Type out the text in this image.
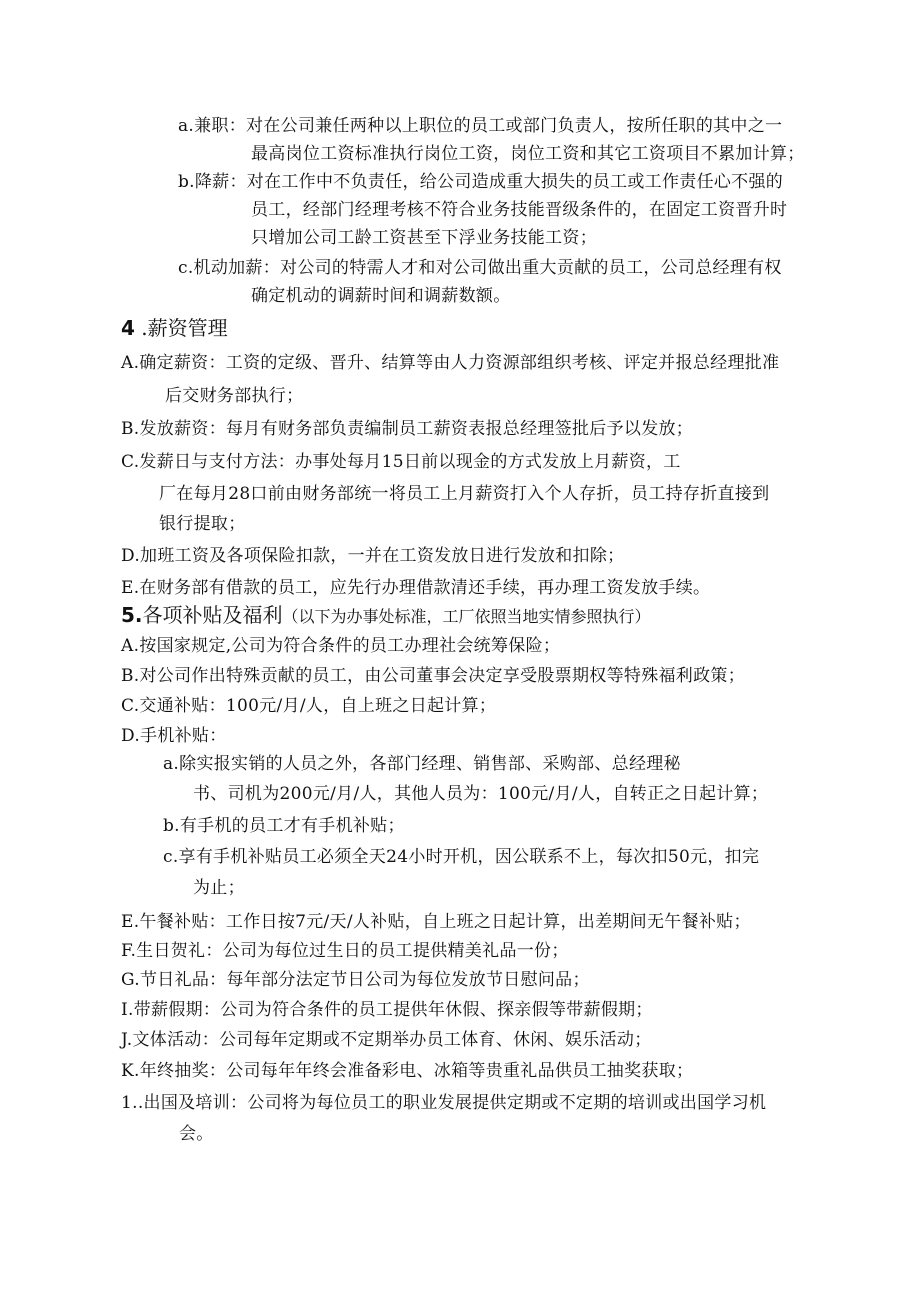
a.兼职：对在公司兼任两种以上职位的员工或部门负责人，按所任职的其中之一
最高岗位工资标准执行岗位工资，岗位工资和其它工资项目不累加计算；
b.降薪：对在工作中不负责任，给公司造成重大损失的员工或工作责任心不强的
员工，经部门经理考核不符合业务技能晋级条件的，在固定工资晋升时
只增加公司工龄工资甚至下浮业务技能工资；
c.机动加薪：对公司的特需人才和对公司做出重大贡献的员工，公司总经理有权
确定机动的调薪时间和调薪数额。
4 .薪资管理
A.确定薪资：工资的定级、晋升、结算等由人力资源部组织考核、评定并报总经理批准
后交财务部执行；
B.发放薪资：每月有财务部负责编制员工薪资表报总经理签批后予以发放；
C.发薪日与支付方法：办事处每月15日前以现金的方式发放上月薪资，工
厂在每月28口前由财务部统一将员工上月薪资打入个人存折，员工持存折直接到
银行提取；
D.加班工资及各项保险扣款，一并在工资发放日进行发放和扣除；
E.在财务部有借款的员工，应先行办理借款清还手续，再办理工资发放手续。
5.各项补贴及福利（以下为办事处标准，工厂依照当地实情参照执行）
A.按国家规定,公司为符合条件的员工办理社会统筹保险；
B.对公司作出特殊贡献的员工，由公司董事会决定享受股票期权等特殊福利政策；
C.交通补贴：100元/月/人，自上班之日起计算；
D.手机补贴：
a.除实报实销的人员之外，各部门经理、销售部、采购部、总经理秘
书、司机为200元/月/人，其他人员为：100元/月/人，自转正之日起计算；
b.有手机的员工才有手机补贴；
c.享有手机补贴员工必须全天24小时开机，因公联系不上，每次扣50元，扣完
为止；
E.午餐补贴：工作日按7元/天/人补贴，自上班之日起计算，出差期间无午餐补贴；
F.生日贺礼：公司为每位过生日的员工提供精美礼品一份；
G.节日礼品：每年部分法定节日公司为每位发放节日慰问品；
I.带薪假期：公司为符合条件的员工提供年休假、探亲假等带薪假期；
J.文体活动：公司每年定期或不定期举办员工体育、休闲、娱乐活动；
K.年终抽奖：公司每年年终会准备彩电、冰箱等贵重礼品供员工抽奖获取；
1..出国及培训：公司将为每位员工的职业发展提供定期或不定期的培训或出国学习机
会。
